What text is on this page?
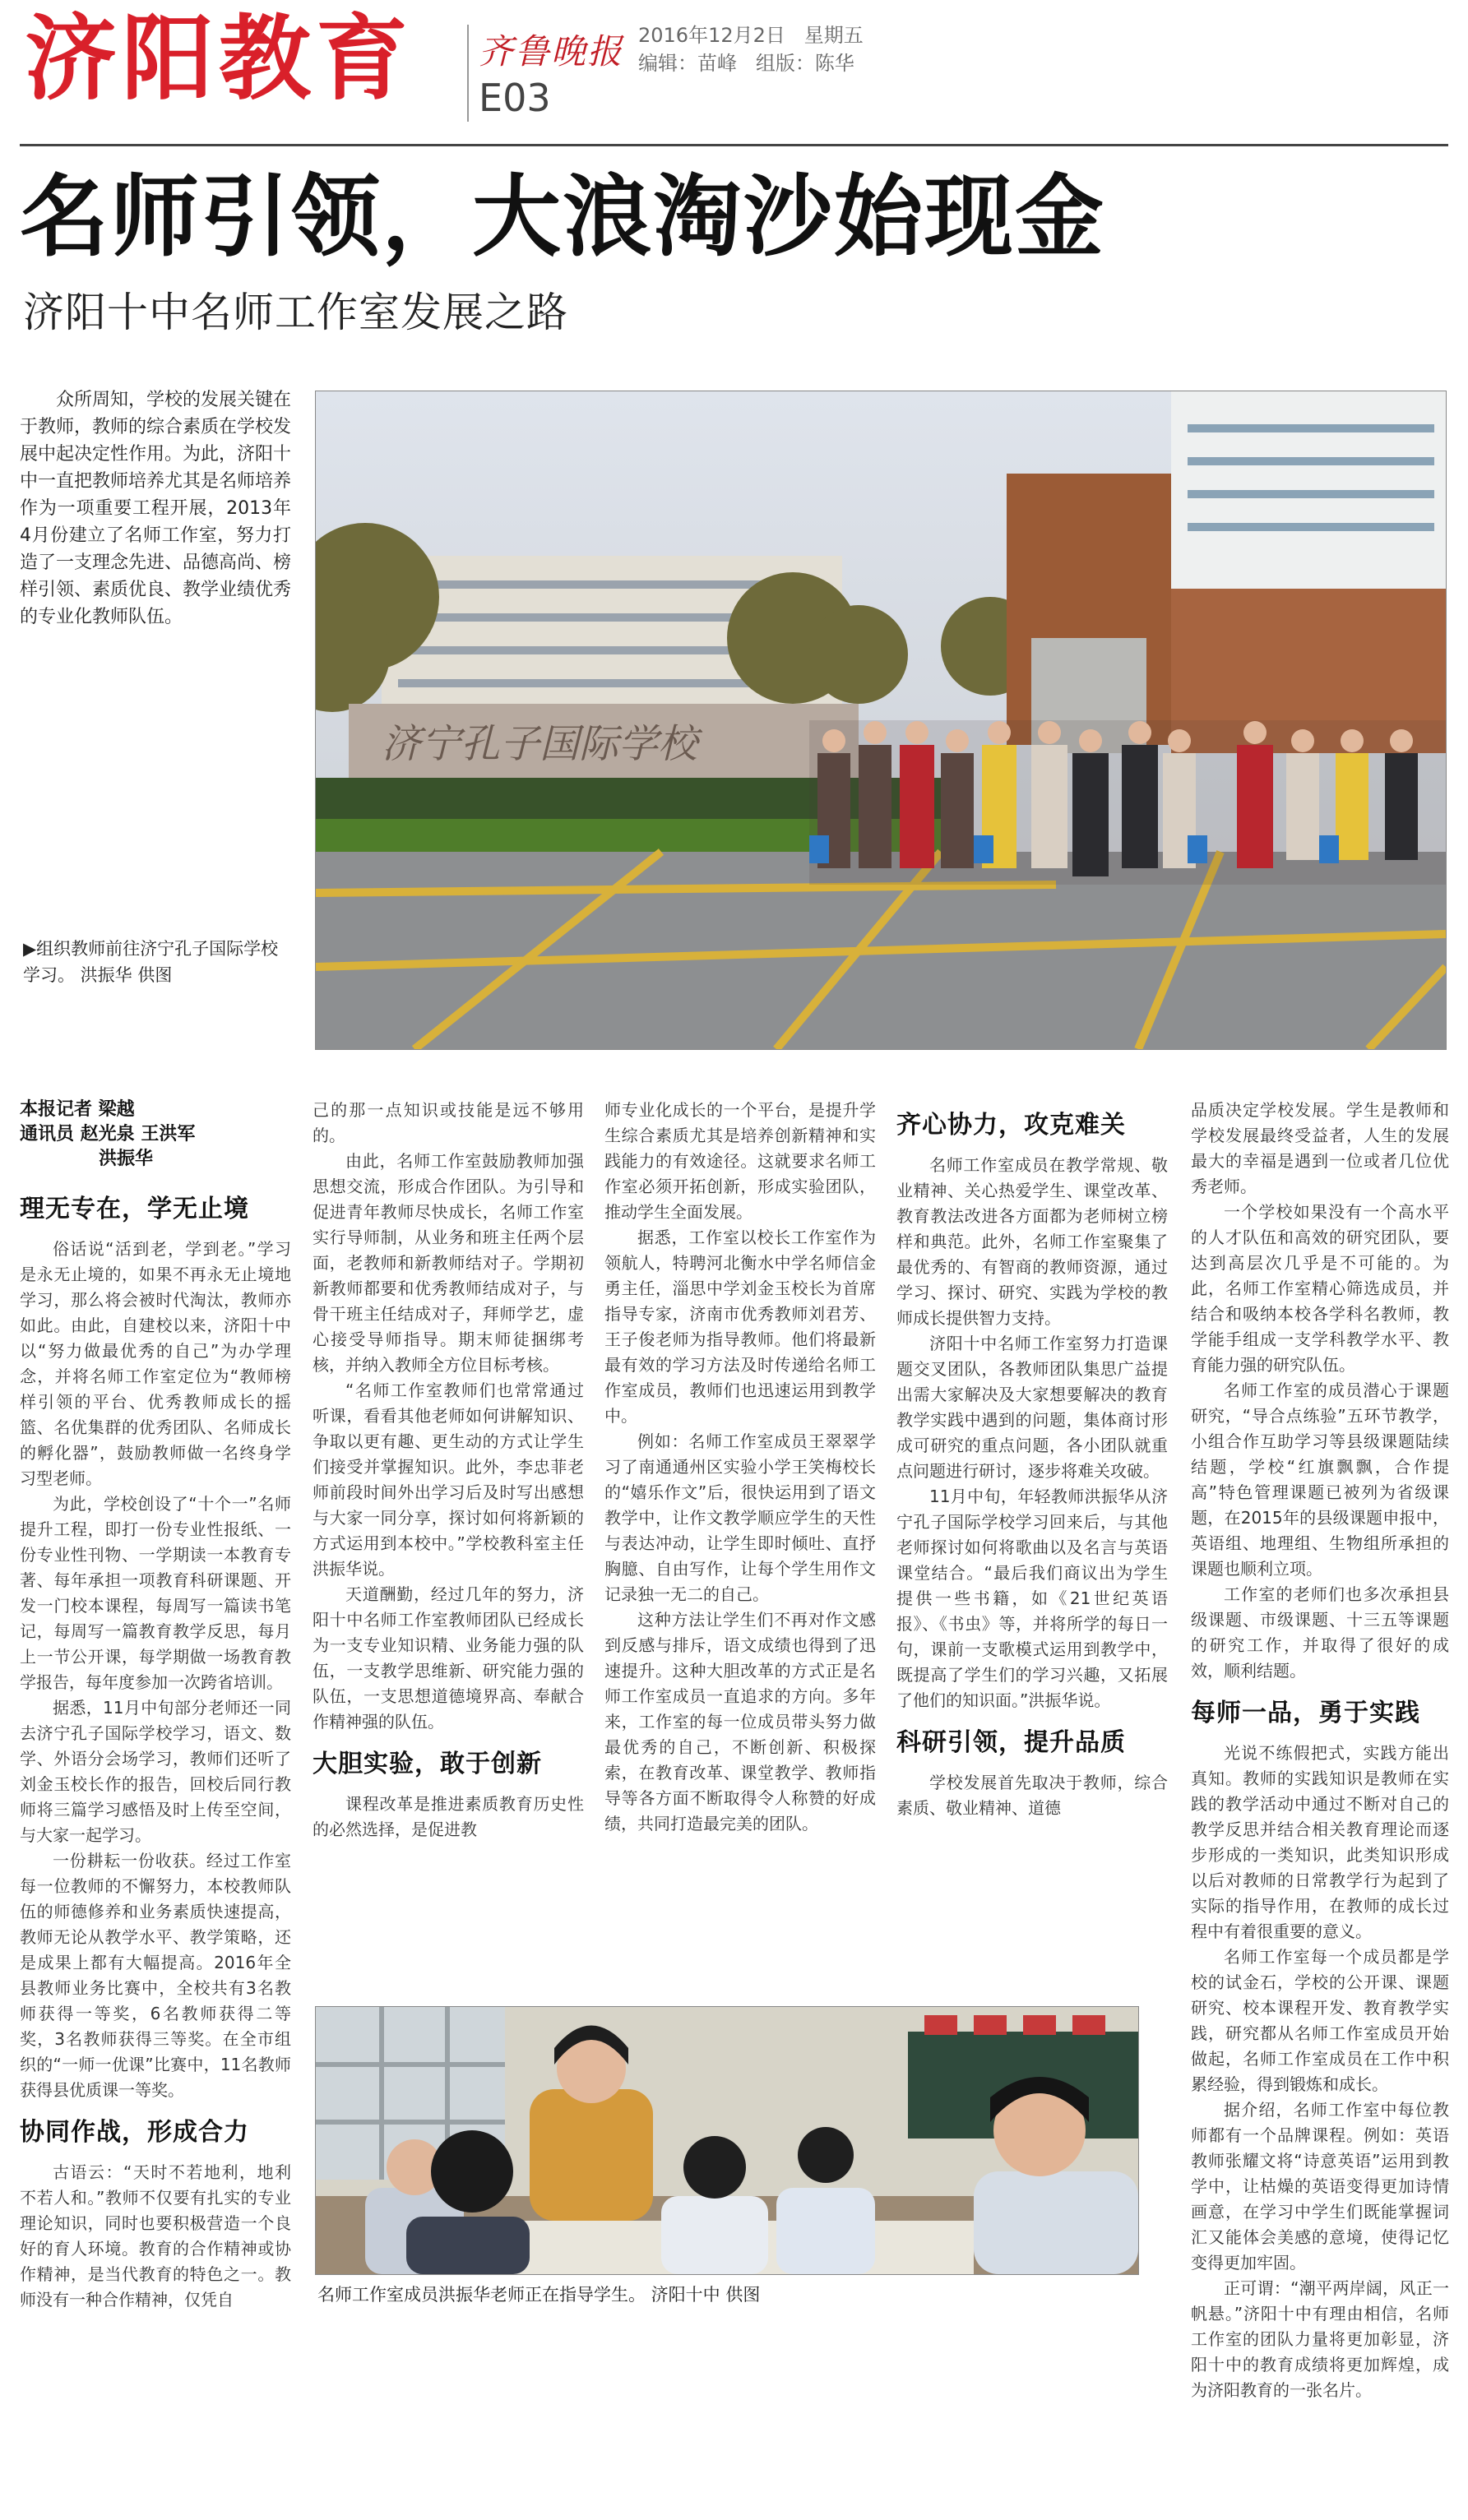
济阳教育 齐鲁晚报 2016年12月2日 星期五
编辑：苗峰 组版：陈华
E03
名师引领，大浪淘沙始现金
济阳十中名师工作室发展之路
众所周知，学校的发展关键在于教师，教师的综合素质在学校发展中起决定性作用。为此，济阳十中一直把教师培养尤其是名师培养作为一项重要工程开展，2013年4月份建立了名师工作室，努力打造了一支理念先进、品德高尚、榜样引领、素质优良、教学业绩优秀的专业化教师队伍。
济宁孔子国际学校
▶组织教师前往济宁孔子国际学校学习。 洪振华 供图
本报记者 梁越
通讯员 赵光泉 王洪军
洪振华
理无专在，学无止境

俗话说“活到老，学到老。”学习是永无止境的，如果不再永无止境地学习，那么将会被时代淘汰，教师亦如此。由此，自建校以来，济阳十中以“努力做最优秀的自己”为办学理念，并将名师工作室定位为“教师榜样引领的平台、优秀教师成长的摇篮、名优集群的优秀团队、名师成长的孵化器”，鼓励教师做一名终身学习型老师。

为此，学校创设了“十个一”名师提升工程，即打一份专业性报纸、一份专业性刊物、一学期读一本教育专著、每年承担一项教育科研课题、开发一门校本课程，每周写一篇读书笔记，每周写一篇教育教学反思，每月上一节公开课，每学期做一场教育教学报告，每年度参加一次跨省培训。

据悉，11月中旬部分老师还一同去济宁孔子国际学校学习，语文、数学、外语分会场学习，教师们还听了刘金玉校长作的报告，回校后同行教师将三篇学习感悟及时上传至空间，与大家一起学习。

一份耕耘一份收获。经过工作室每一位教师的不懈努力，本校教师队伍的师德修养和业务素质快速提高，教师无论从教学水平、教学策略，还是成果上都有大幅提高。2016年全县教师业务比赛中，全校共有3名教师获得一等奖，6名教师获得二等奖，3名教师获得三等奖。在全市组织的“一师一优课”比赛中，11名教师获得县优质课一等奖。

协同作战，形成合力

古语云：“天时不若地利，地利不若人和。”教师不仅要有扎实的专业理论知识，同时也要积极营造一个良好的育人环境。教育的合作精神或协作精神，是当代教育的特色之一。教师没有一种合作精神，仅凭自

己的那一点知识或技能是远不够用的。

由此，名师工作室鼓励教师加强思想交流，形成合作团队。为引导和促进青年教师尽快成长，名师工作室实行导师制，从业务和班主任两个层面，老教师和新教师结对子。学期初新教师都要和优秀教师结成对子，与骨干班主任结成对子，拜师学艺，虚心接受导师指导。期末师徒捆绑考核，并纳入教师全方位目标考核。

“名师工作室教师们也常常通过听课，看看其他老师如何讲解知识、争取以更有趣、更生动的方式让学生们接受并掌握知识。此外，李忠菲老师前段时间外出学习后及时写出感想与大家一同分享，探讨如何将新颖的方式运用到本校中。”学校教科室主任洪振华说。

天道酬勤，经过几年的努力，济阳十中名师工作室教师团队已经成长为一支专业知识精、业务能力强的队伍，一支教学思维新、研究能力强的队伍，一支思想道德境界高、奉献合作精神强的队伍。

大胆实验，敢于创新

课程改革是推进素质教育历史性的必然选择，是促进教

师专业化成长的一个平台，是提升学生综合素质尤其是培养创新精神和实践能力的有效途径。这就要求名师工作室必须开拓创新，形成实验团队，推动学生全面发展。

据悉，工作室以校长工作室作为领航人，特聘河北衡水中学名师信金勇主任，淄思中学刘金玉校长为首席指导专家，济南市优秀教师刘君芳、王子俊老师为指导教师。他们将最新最有效的学习方法及时传递给名师工作室成员，教师们也迅速运用到教学中。

例如：名师工作室成员王翠翠学习了南通通州区实验小学王笑梅校长的“嬉乐作文”后，很快运用到了语文教学中，让作文教学顺应学生的天性与表达冲动，让学生即时倾吐、直抒胸臆、自由写作，让每个学生用作文记录独一无二的自己。

这种方法让学生们不再对作文感到反感与排斥，语文成绩也得到了迅速提升。这种大胆改革的方式正是名师工作室成员一直追求的方向。多年来，工作室的每一位成员带头努力做最优秀的自己，不断创新、积极探索，在教育改革、课堂教学、教师指导等各方面不断取得令人称赞的好成绩，共同打造最完美的团队。

齐心协力，攻克难关

名师工作室成员在教学常规、敬业精神、关心热爱学生、课堂改革、教育教法改进各方面都为老师树立榜样和典范。此外，名师工作室聚集了最优秀的、有智商的教师资源，通过学习、探讨、研究、实践为学校的教师成长提供智力支持。

济阳十中名师工作室努力打造课题交叉团队，各教师团队集思广益提出需大家解决及大家想要解决的教育教学实践中遇到的问题，集体商讨形成可研究的重点问题，各小团队就重点问题进行研讨，逐步将难关攻破。

11月中旬，年轻教师洪振华从济宁孔子国际学校学习回来后，与其他老师探讨如何将歌曲以及名言与英语课堂结合。“最后我们商议出为学生提供一些书籍，如《21世纪英语报》、《书虫》等，并将所学的每日一句，课前一支歌模式运用到教学中，既提高了学生们的学习兴趣，又拓展了他们的知识面。”洪振华说。

科研引领，提升品质

学校发展首先取决于教师，综合素质、敬业精神、道德

品质决定学校发展。学生是教师和学校发展最终受益者，人生的发展最大的幸福是遇到一位或者几位优秀老师。

一个学校如果没有一个高水平的人才队伍和高效的研究团队，要达到高层次几乎是不可能的。为此，名师工作室精心筛选成员，并结合和吸纳本校各学科名教师，教学能手组成一支学科教学水平、教育能力强的研究队伍。

名师工作室的成员潜心于课题研究，“导合点练验”五环节教学，小组合作互助学习等县级课题陆续结题，学校“红旗飘飘，合作提高”特色管理课题已被列为省级课题，在2015年的县级课题申报中，英语组、地理组、生物组所承担的课题也顺利立项。

工作室的老师们也多次承担县级课题、市级课题、十三五等课题的研究工作，并取得了很好的成效，顺利结题。

每师一品，勇于实践

光说不练假把式，实践方能出真知。教师的实践知识是教师在实践的教学活动中通过不断对自己的教学反思并结合相关教育理论而逐步形成的一类知识，此类知识形成以后对教师的日常教学行为起到了实际的指导作用，在教师的成长过程中有着很重要的意义。

名师工作室每一个成员都是学校的试金石，学校的公开课、课题研究、校本课程开发、教育教学实践，研究都从名师工作室成员开始做起，名师工作室成员在工作中积累经验，得到锻炼和成长。

据介绍，名师工作室中每位教师都有一个品牌课程。例如：英语教师张耀文将“诗意英语”运用到教学中，让枯燥的英语变得更加诗情画意，在学习中学生们既能掌握词汇又能体会美感的意境，使得记忆变得更加牢固。

正可谓：“潮平两岸阔，风正一帆悬。”济阳十中有理由相信，名师工作室的团队力量将更加彰显，济阳十中的教育成绩将更加辉煌，成为济阳教育的一张名片。

名师工作室成员洪振华老师正在指导学生。 济阳十中 供图
